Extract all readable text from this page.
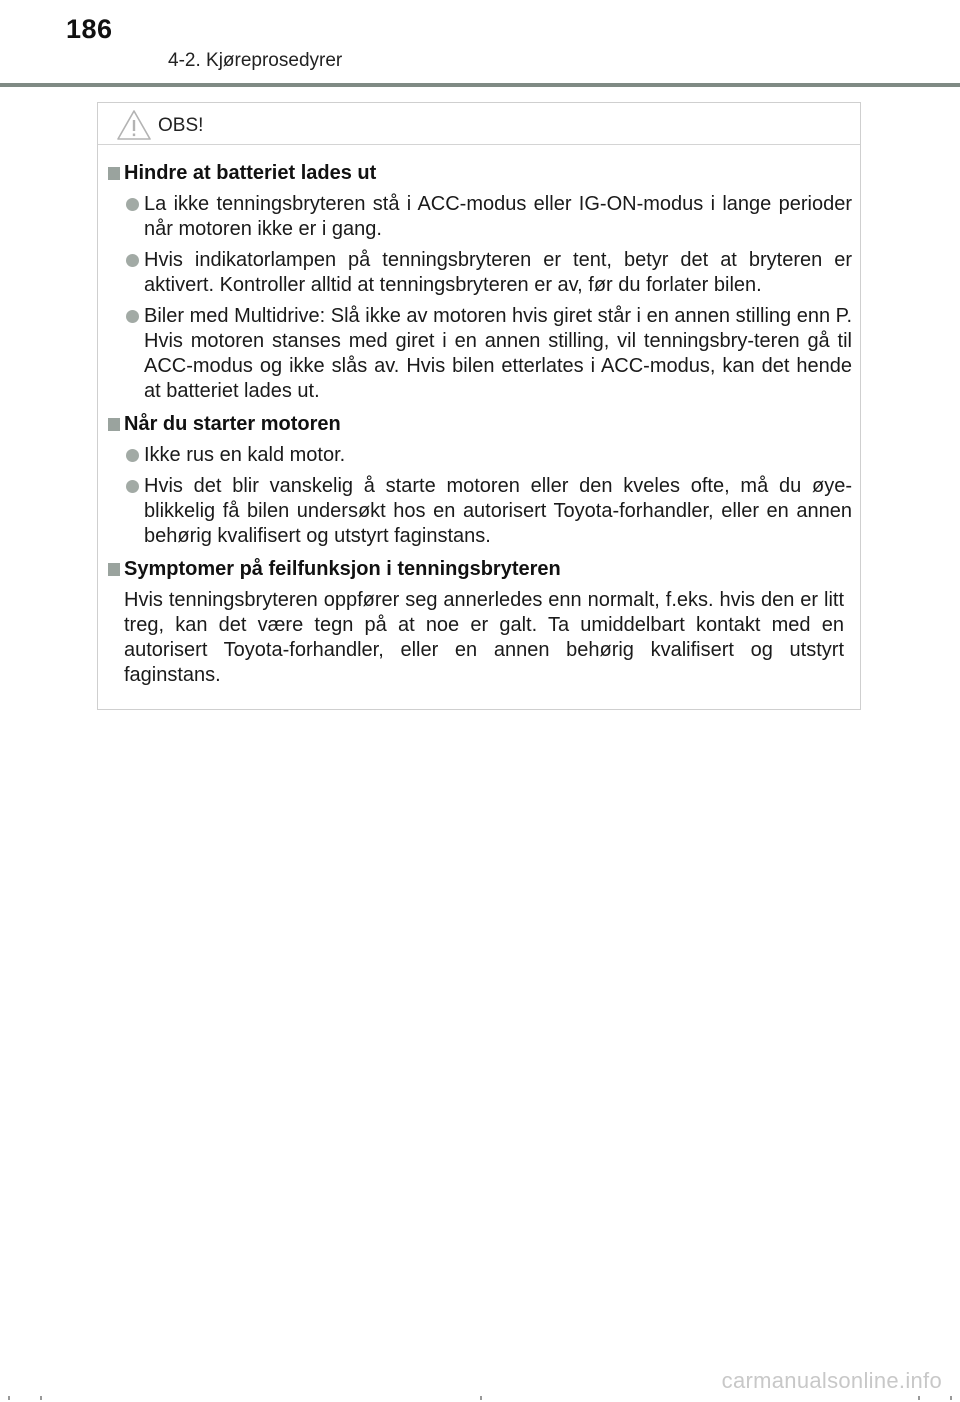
186
4-2. Kjøreprosedyrer
OBS!

Hindre at batteriet lades ut

La ikke tenningsbryteren stå i ACC-modus eller IG-ON-modus i lange perioder når motoren ikke er i gang.

Hvis indikatorlampen på tenningsbryteren er tent, betyr det at bryteren er aktivert. Kontroller alltid at tenningsbryteren er av, før du forlater bilen.

Biler med Multidrive: Slå ikke av motoren hvis giret står i en annen stilling enn P. Hvis motoren stanses med giret i en annen stilling, vil tenningsbry-teren gå til ACC-modus og ikke slås av. Hvis bilen etterlates i ACC-modus, kan det hende at batteriet lades ut.

Når du starter motoren

Ikke rus en kald motor.

Hvis det blir vanskelig å starte motoren eller den kveles ofte, må du øye-blikkelig få bilen undersøkt hos en autorisert Toyota-forhandler, eller en annen behørig kvalifisert og utstyrt faginstans.

Symptomer på feilfunksjon i tenningsbryteren

Hvis tenningsbryteren oppfører seg annerledes enn normalt, f.eks. hvis den er litt treg, kan det være tegn på at noe er galt. Ta umiddelbart kontakt med en autorisert Toyota-forhandler, eller en annen behørig kvalifisert og utstyrt faginstans.

carmanualsonline.info
